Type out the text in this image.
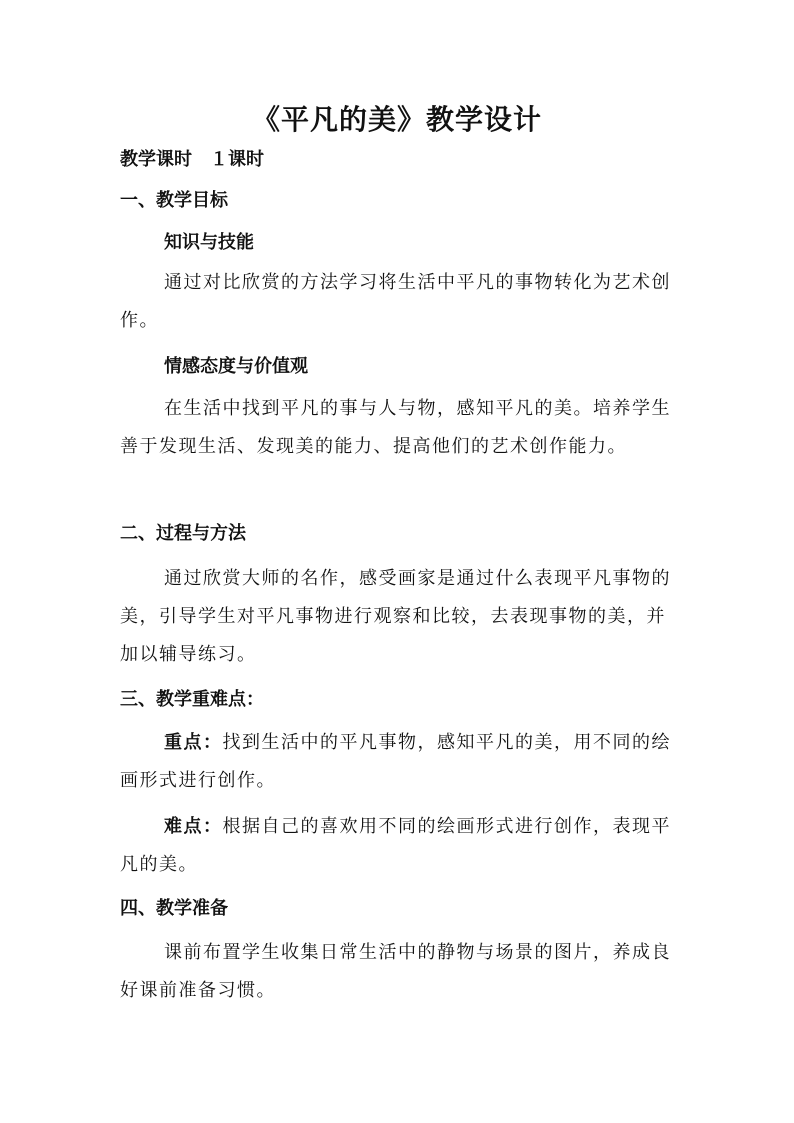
《平凡的美》教学设计
教学课时　１课时
一、教学目标
知识与技能
通过对比欣赏的方法学习将生活中平凡的事物转化为艺术创作。
情感态度与价值观
在生活中找到平凡的事与人与物，感知平凡的美。培养学生善于发现生活、发现美的能力、提高他们的艺术创作能力。
二、过程与方法
通过欣赏大师的名作，感受画家是通过什么表现平凡事物的美，引导学生对平凡事物进行观察和比较，去表现事物的美，并加以辅导练习。
三、教学重难点：
重点：找到生活中的平凡事物，感知平凡的美，用不同的绘画形式进行创作。
难点：根据自己的喜欢用不同的绘画形式进行创作，表现平凡的美。
四、教学准备
课前布置学生收集日常生活中的静物与场景的图片，养成良好课前准备习惯。
